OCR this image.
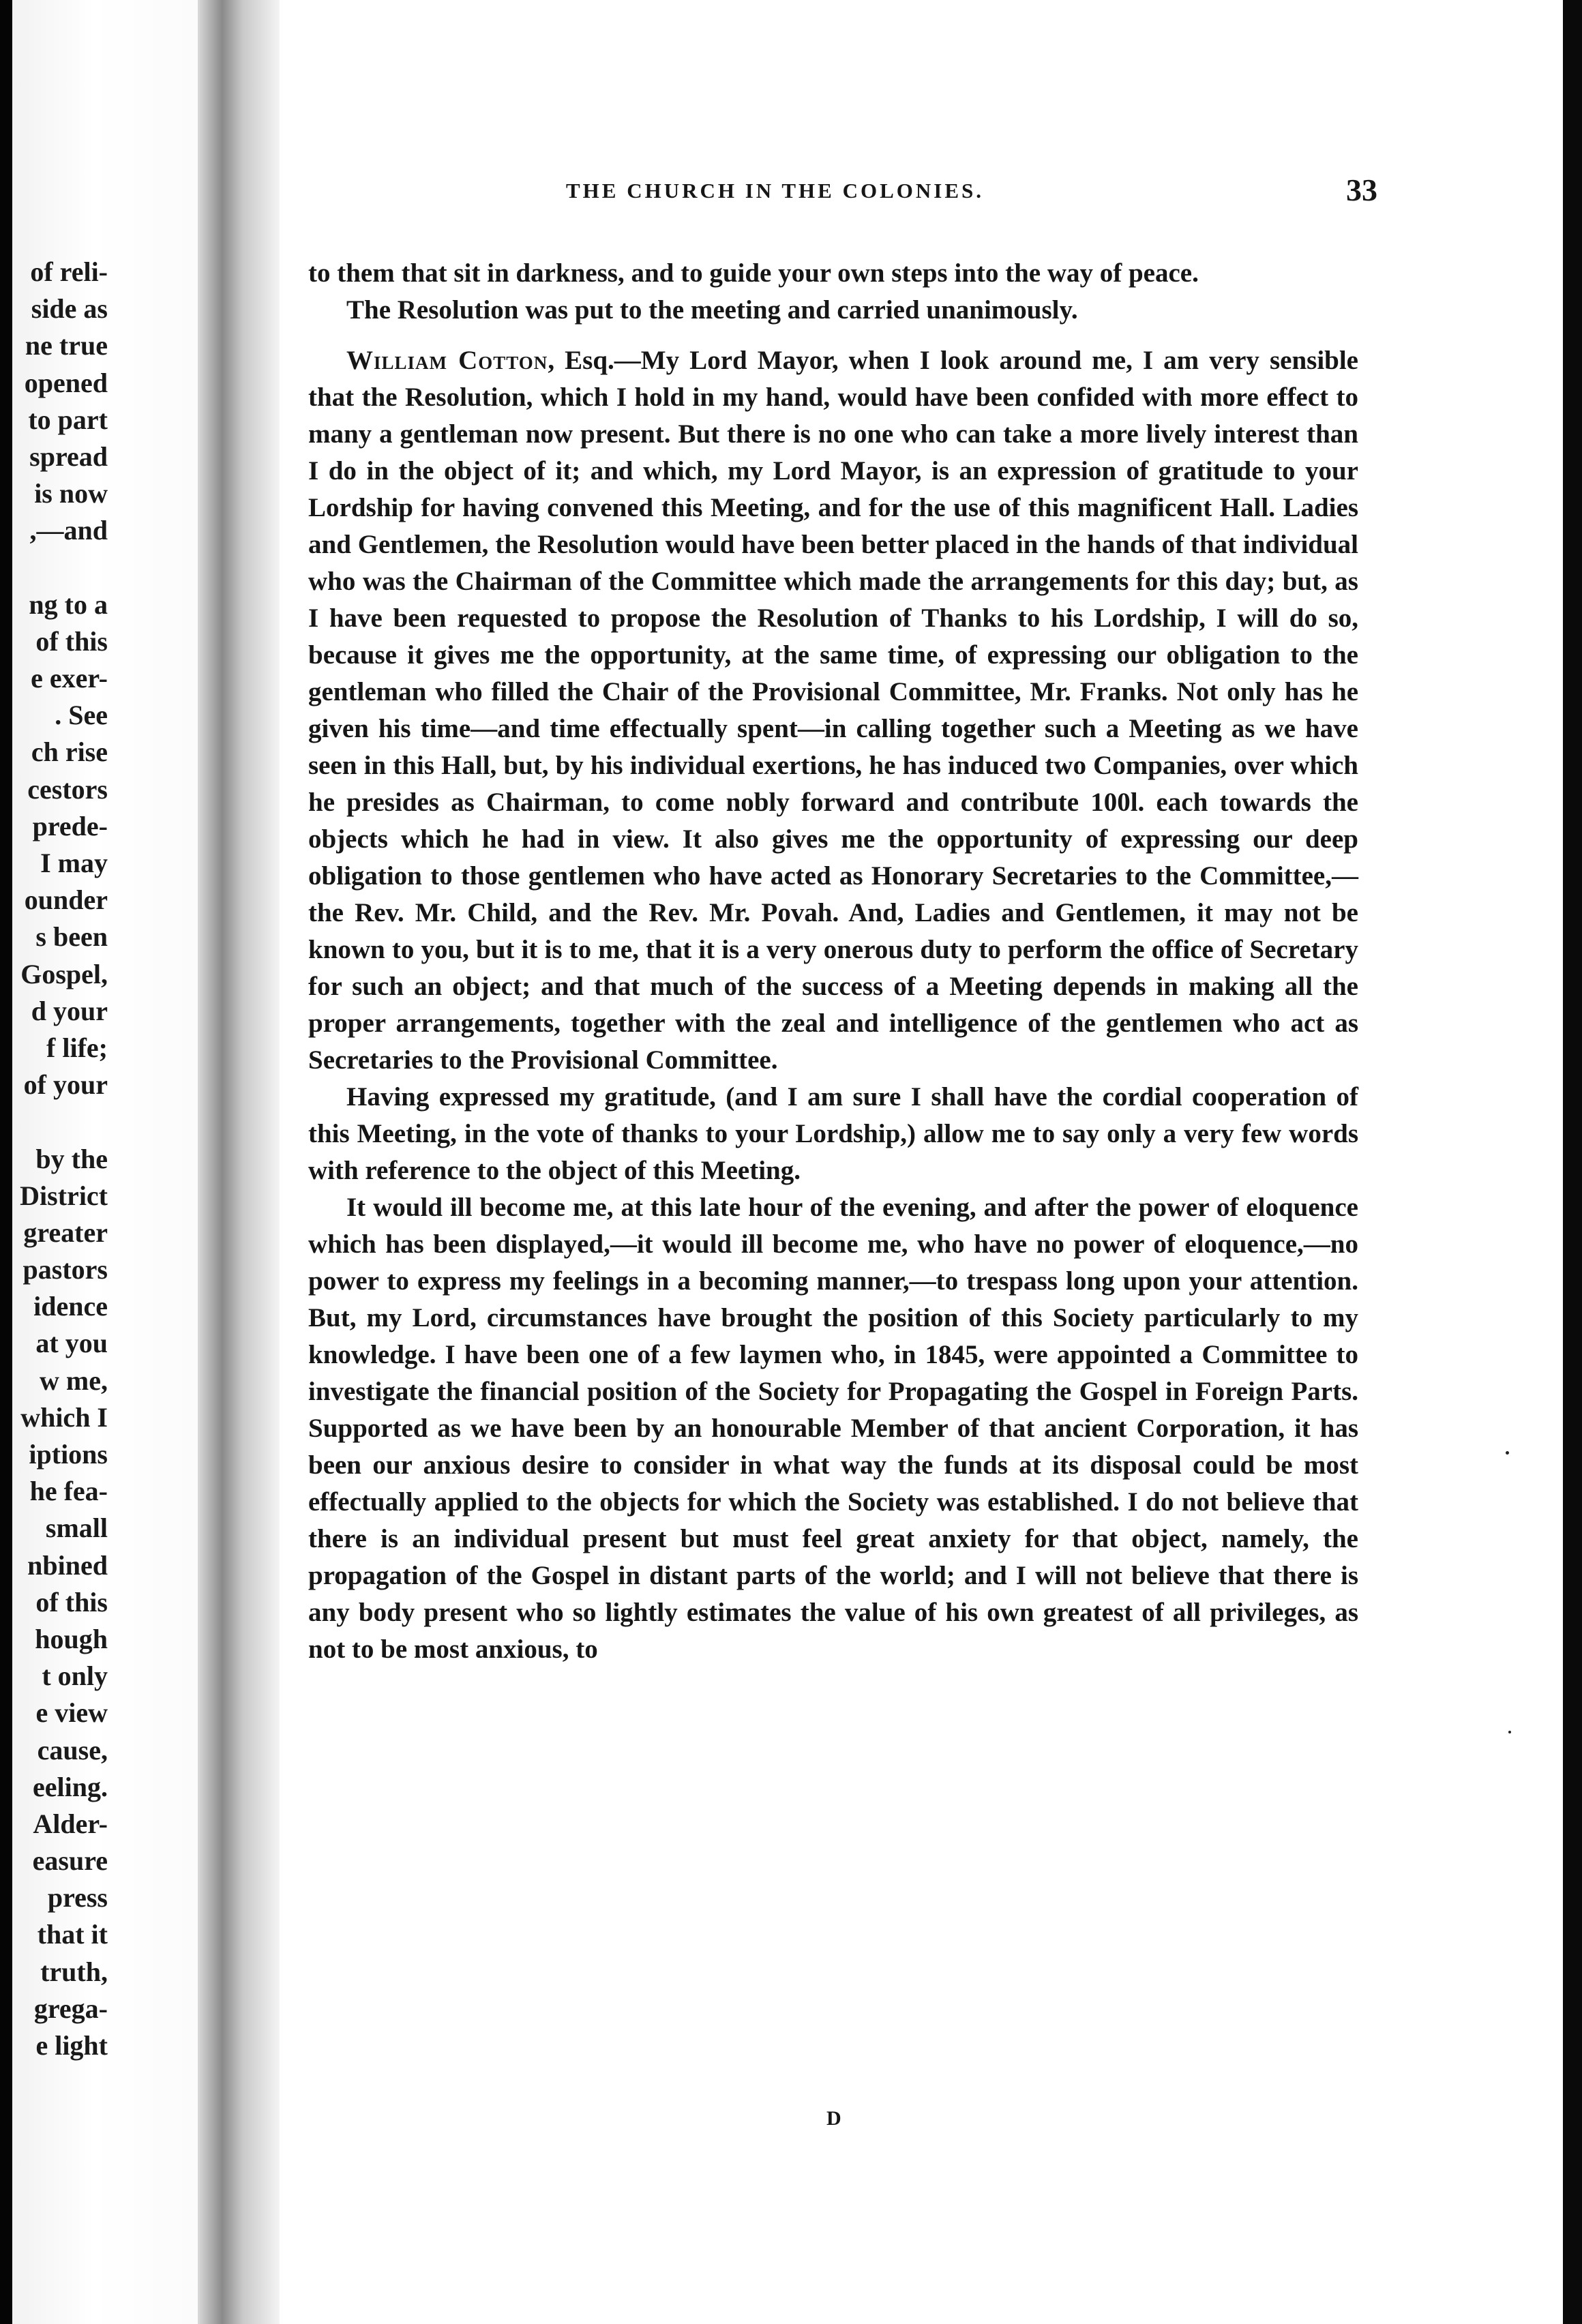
of reli-
side as
ne true
opened
to part
spread
is now
,—and
ng to a
of this
e exer-
. See
ch rise
cestors
prede-
I may
ounder
s been
Gospel,
d your
f life;
of your
by the
District
greater
pastors
idence
at you
w me,
which I
iptions
he fea-
small
nbined
of this
hough
t only
e view
cause,
eeling.
Alder-
easure
press
that it
truth,
grega-
e light
THE CHURCH IN THE COLONIES.	33

to them that sit in darkness, and to guide your own steps into the way of peace.

The Resolution was put to the meeting and carried unanimously.

William Cotton, Esq.—My Lord Mayor, when I look around me, I am very sensible that the Resolution, which I hold in my hand, would have been confided with more effect to many a gentleman now present. But there is no one who can take a more lively interest than I do in the object of it; and which, my Lord Mayor, is an expression of gratitude to your Lordship for having convened this Meeting, and for the use of this magnificent Hall. Ladies and Gentlemen, the Resolution would have been better placed in the hands of that individual who was the Chairman of the Committee which made the arrangements for this day; but, as I have been requested to propose the Resolution of Thanks to his Lordship, I will do so, because it gives me the opportunity, at the same time, of expressing our obligation to the gentleman who filled the Chair of the Provisional Committee, Mr. Franks. Not only has he given his time—and time effectually spent—in calling together such a Meeting as we have seen in this Hall, but, by his individual exertions, he has induced two Companies, over which he presides as Chairman, to come nobly forward and contribute 100l. each towards the objects which he had in view. It also gives me the opportunity of expressing our deep obligation to those gentlemen who have acted as Honorary Secretaries to the Committee,—the Rev. Mr. Child, and the Rev. Mr. Povah. And, Ladies and Gentlemen, it may not be known to you, but it is to me, that it is a very onerous duty to perform the office of Secretary for such an object; and that much of the success of a Meeting depends in making all the proper arrangements, together with the zeal and intelligence of the gentlemen who act as Secretaries to the Provisional Committee.

Having expressed my gratitude, (and I am sure I shall have the cordial cooperation of this Meeting, in the vote of thanks to your Lordship,) allow me to say only a very few words with reference to the object of this Meeting.

It would ill become me, at this late hour of the evening, and after the power of eloquence which has been displayed,—it would ill become me, who have no power of eloquence,—no power to express my feelings in a becoming manner,—to trespass long upon your attention. But, my Lord, circumstances have brought the position of this Society particularly to my knowledge. I have been one of a few laymen who, in 1845, were appointed a Committee to investigate the financial position of the Society for Propagating the Gospel in Foreign Parts. Supported as we have been by an honourable Member of that ancient Corporation, it has been our anxious desire to consider in what way the funds at its disposal could be most effectually applied to the objects for which the Society was established. I do not believe that there is an individual present but must feel great anxiety for that object, namely, the propagation of the Gospel in distant parts of the world; and I will not believe that there is any body present who so lightly estimates the value of his own greatest of all privileges, as not to be most anxious, to

D
